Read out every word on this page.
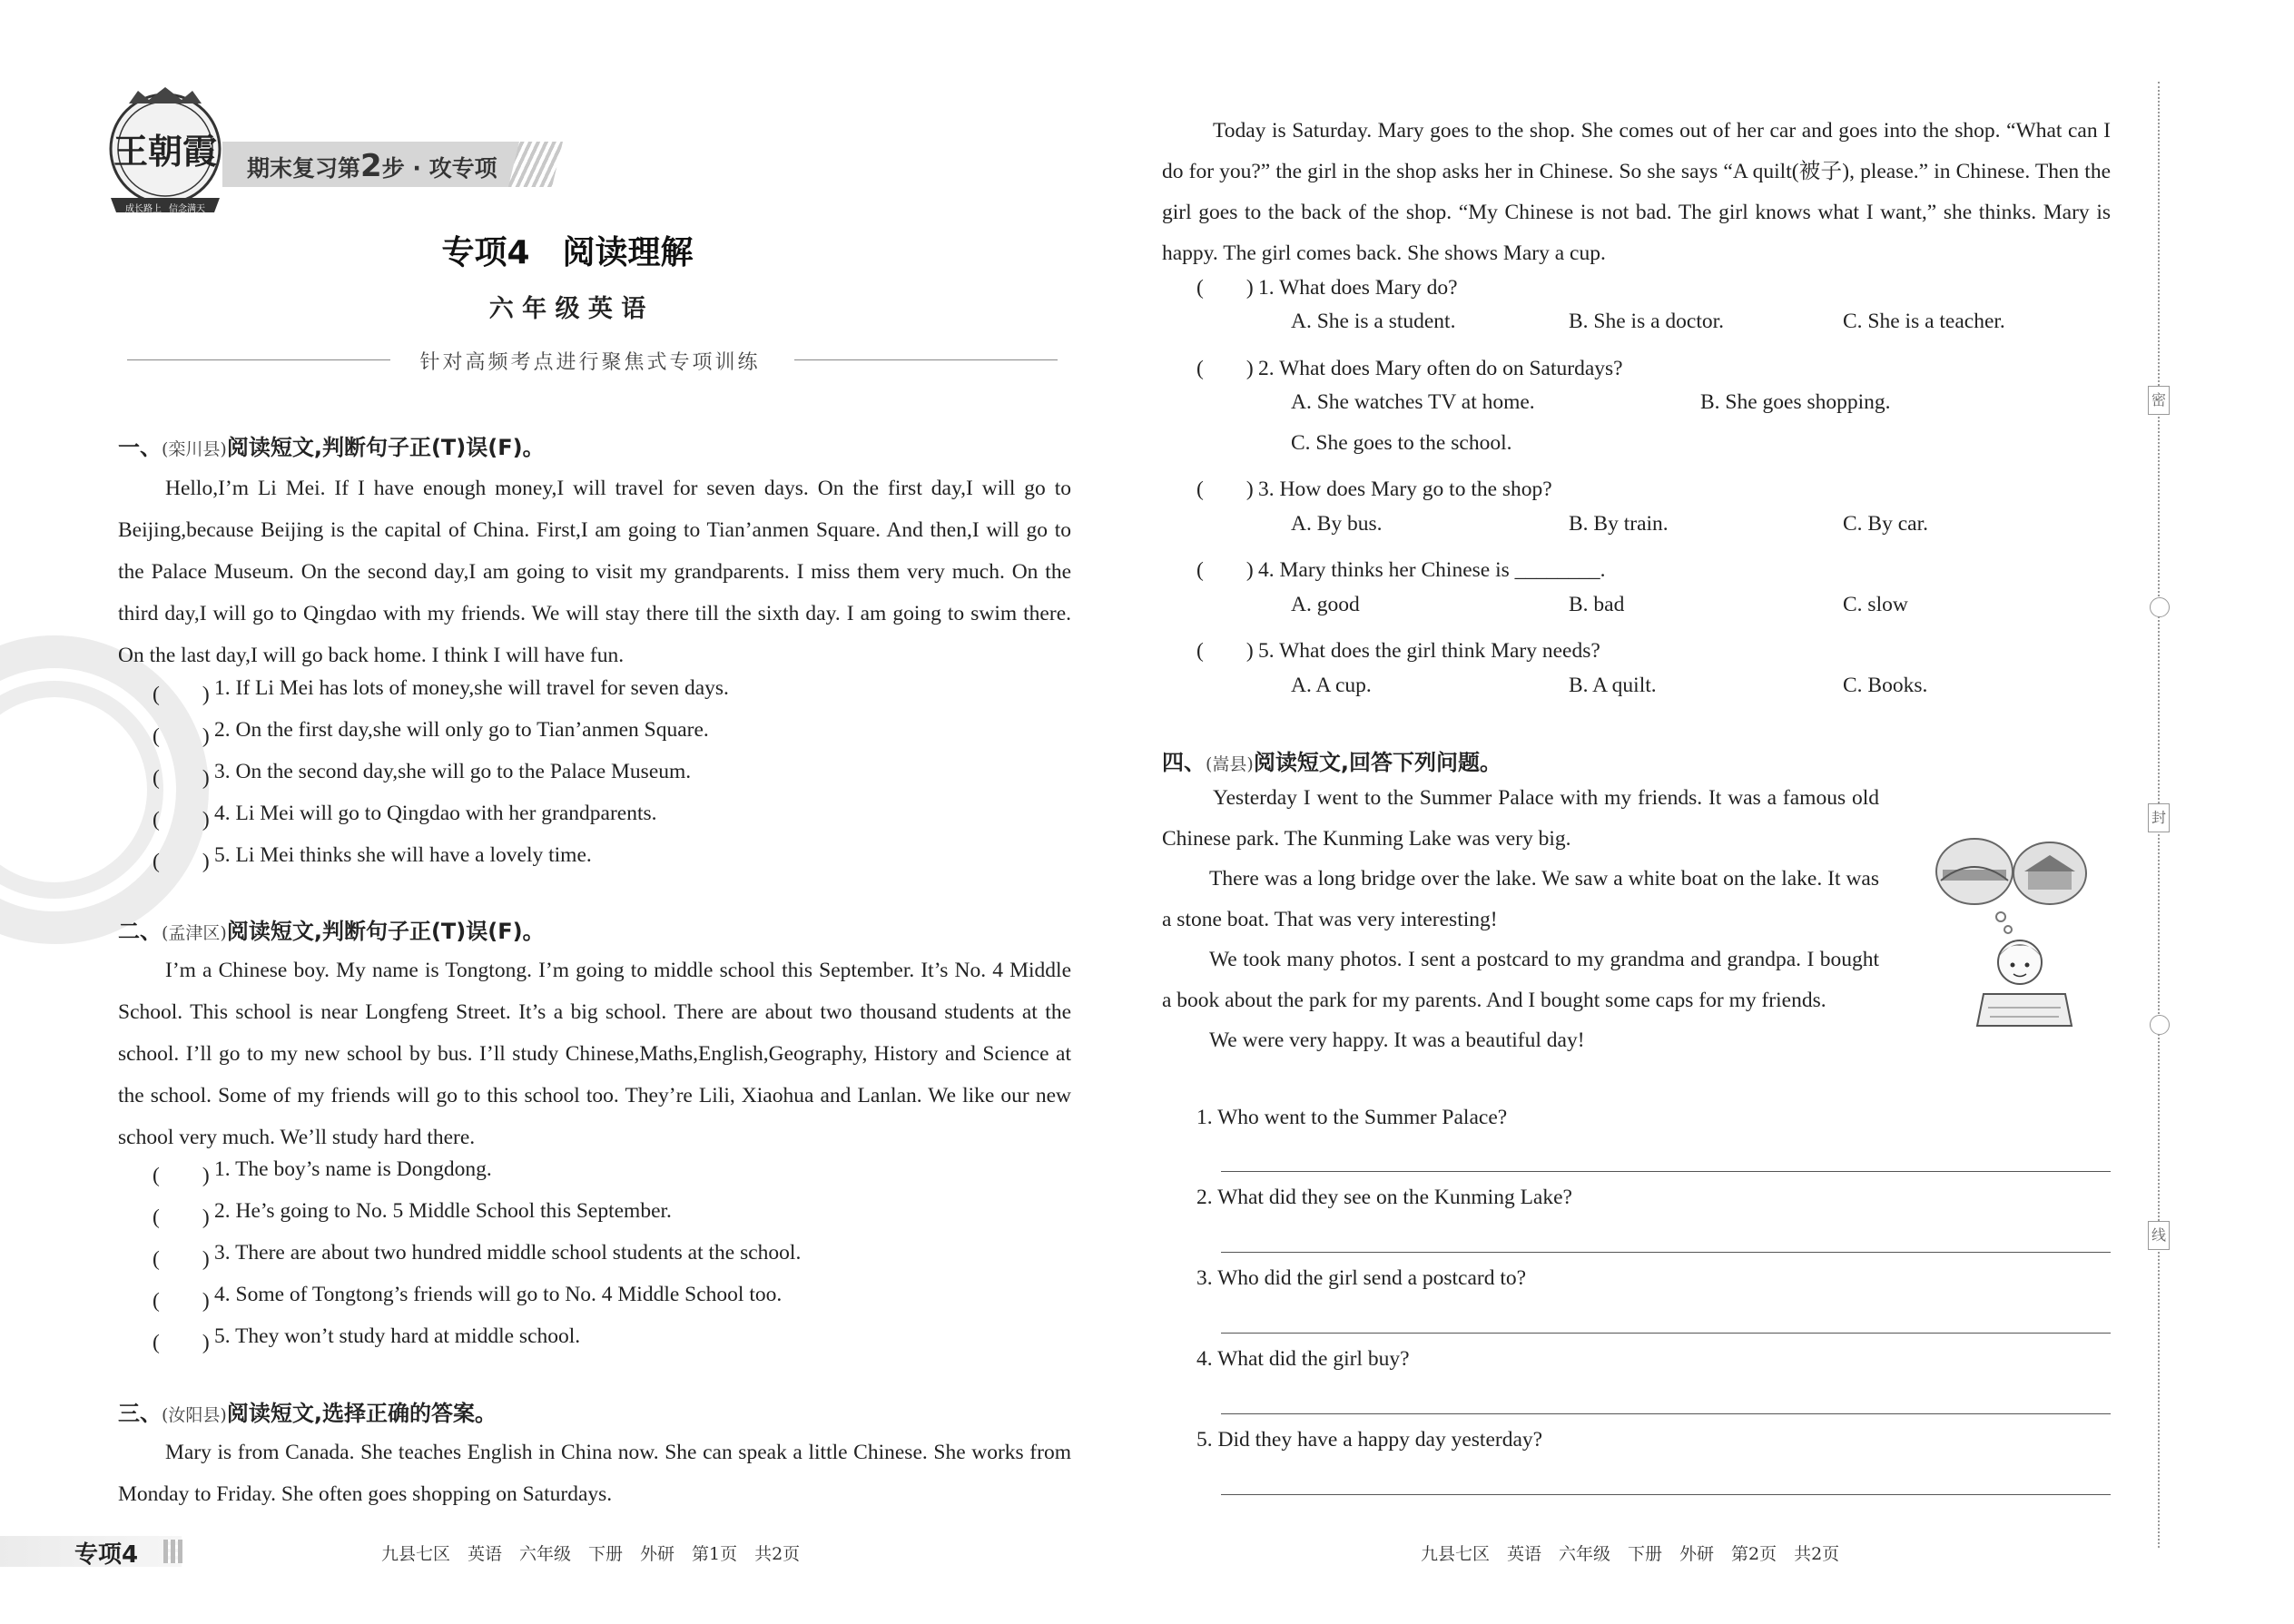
王朝霞
成长路上 信念满天
期末复习第2步 · 攻专项
专项4　阅读理解
六 年 级 英 语
针对高频考点进行聚焦式专项训练
一、(栾川县)阅读短文,判断句子正(T)误(F)。
Hello,I’m Li Mei. If I have enough money,I will travel for seven days. On the first day,I will go to Beijing,because Beijing is the capital of China. First,I am going to Tian’anmen Square. And then,I will go to the Palace Museum. On the second day,I am going to visit my grandparents. I miss them very much. On the third day,I will go to Qingdao with my friends. We will stay there till the sixth day. I am going to swim there. On the last day,I will go back home. I think I will have fun.
(　　) 1. If Li Mei has lots of money,she will travel for seven days.
(　　) 2. On the first day,she will only go to Tian’anmen Square.
(　　) 3. On the second day,she will go to the Palace Museum.
(　　) 4. Li Mei will go to Qingdao with her grandparents.
(　　) 5. Li Mei thinks she will have a lovely time.
二、(孟津区)阅读短文,判断句子正(T)误(F)。
I’m a Chinese boy. My name is Tongtong. I’m going to middle school this September. It’s No. 4 Middle School. This school is near Longfeng Street. It’s a big school. There are about two thousand students at the school. I’ll go to my new school by bus. I’ll study Chinese,Maths,English,Geography, History and Science at the school. Some of my friends will go to this school too. They’re Lili, Xiaohua and Lanlan. We like our new school very much. We’ll study hard there.
(　　) 1. The boy’s name is Dongdong.
(　　) 2. He’s going to No. 5 Middle School this September.
(　　) 3. There are about two hundred middle school students at the school.
(　　) 4. Some of Tongtong’s friends will go to No. 4 Middle School too.
(　　) 5. They won’t study hard at middle school.
三、(汝阳县)阅读短文,选择正确的答案。
Mary is from Canada. She teaches English in China now. She can speak a little Chinese. She works from Monday to Friday. She often goes shopping on Saturdays.
专项4	九县七区　英语　六年级　下册　外研　第1页　共2页
Today is Saturday. Mary goes to the shop. She comes out of her car and goes into the shop. “What can I do for you?” the girl in the shop asks her in Chinese. So she says “A quilt(被子), please.” in Chinese. Then the girl goes to the back of the shop. “My Chinese is not bad. The girl knows what I want,” she thinks. Mary is happy. The girl comes back. She shows Mary a cup.
(　　) 1. What does Mary do?
A. She is a student.	B. She is a doctor.	C. She is a teacher.
(　　) 2. What does Mary often do on Saturdays?
A. She watches TV at home.	B. She goes shopping.
C. She goes to the school.
(　　) 3. How does Mary go to the shop?
A. By bus.	B. By train.	C. By car.
(　　) 4. Mary thinks her Chinese is ________.
A. good	B. bad	C. slow
(　　) 5. What does the girl think Mary needs?
A. A cup.	B. A quilt.	C. Books.
四、(嵩县)阅读短文,回答下列问题。
Yesterday I went to the Summer Palace with my friends. It was a famous old Chinese park. The Kunming Lake was very big.
There was a long bridge over the lake. We saw a white boat on the lake. It was a stone boat. That was very interesting!
We took many photos. I sent a postcard to my grandma and grandpa. I bought a book about the park for my parents. And I bought some caps for my friends.
We were very happy. It was a beautiful day!
1. Who went to the Summer Palace?
2. What did they see on the Kunming Lake?
3. Who did the girl send a postcard to?
4. What did the girl buy?
5. Did they have a happy day yesterday?
九县七区　英语　六年级　下册　外研　第2页　共2页
密
封
线
